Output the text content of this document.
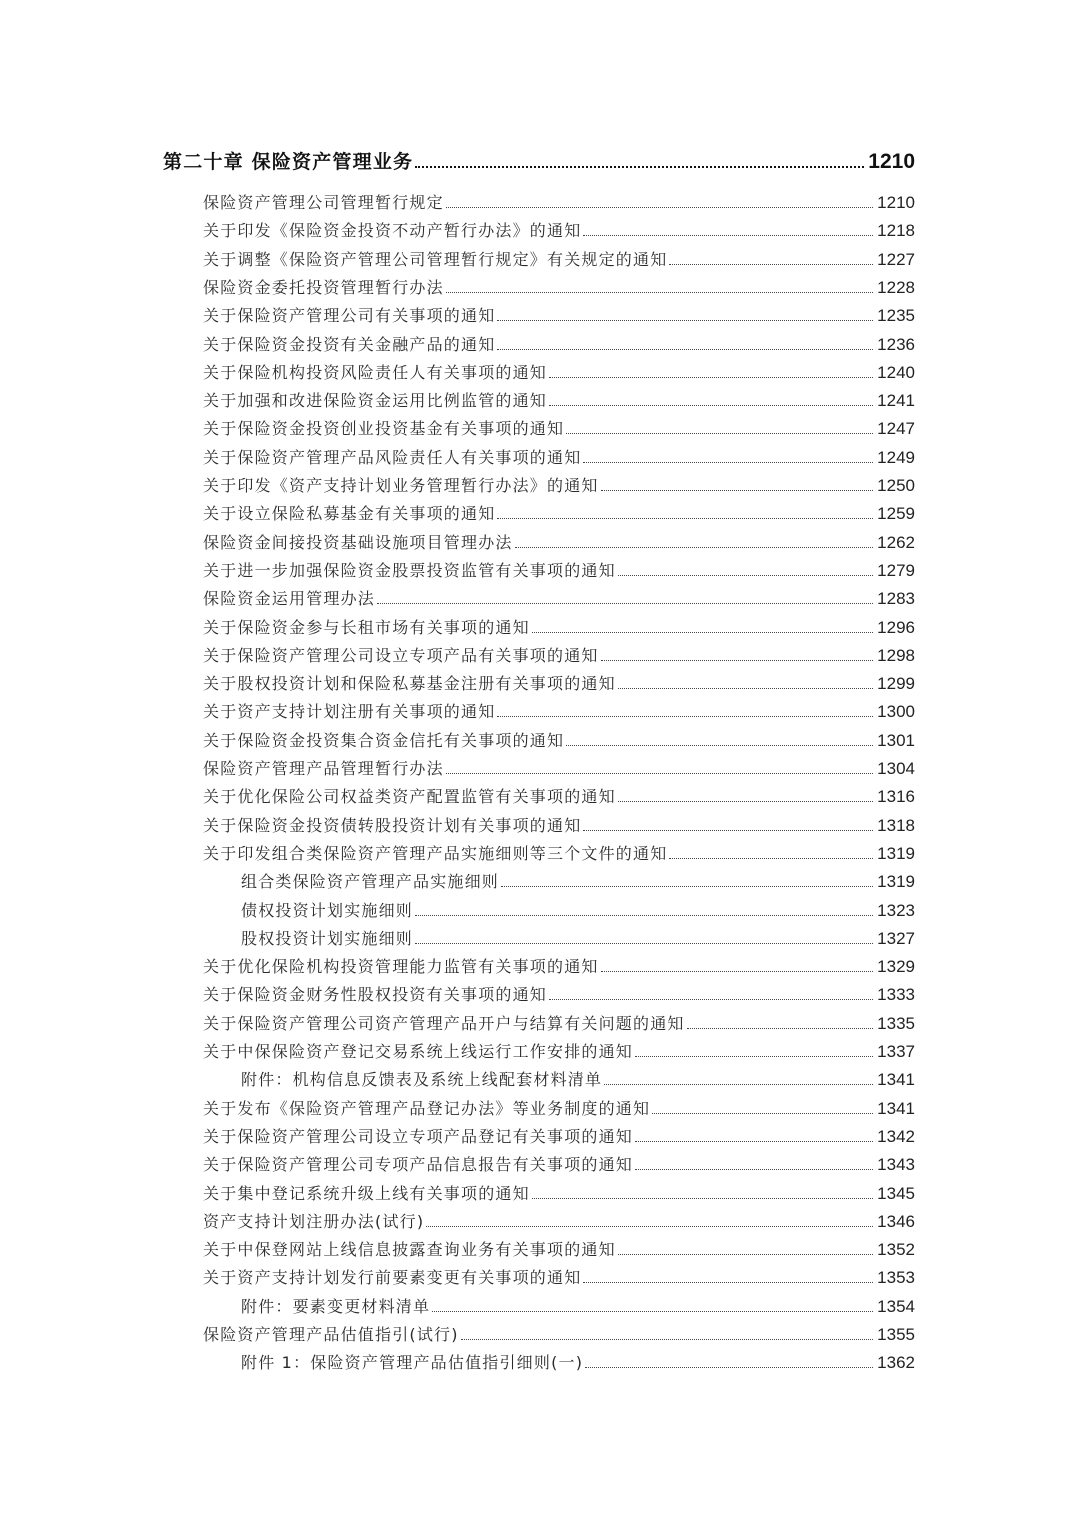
第二十章 保险资产管理业务	1210
保险资产管理公司管理暂行规定	1210
关于印发《保险资金投资不动产暂行办法》的通知	1218
关于调整《保险资产管理公司管理暂行规定》有关规定的通知	1227
保险资金委托投资管理暂行办法	1228
关于保险资产管理公司有关事项的通知	1235
关于保险资金投资有关金融产品的通知	1236
关于保险机构投资风险责任人有关事项的通知	1240
关于加强和改进保险资金运用比例监管的通知	1241
关于保险资金投资创业投资基金有关事项的通知	1247
关于保险资产管理产品风险责任人有关事项的通知	1249
关于印发《资产支持计划业务管理暂行办法》的通知	1250
关于设立保险私募基金有关事项的通知	1259
保险资金间接投资基础设施项目管理办法	1262
关于进一步加强保险资金股票投资监管有关事项的通知	1279
保险资金运用管理办法	1283
关于保险资金参与长租市场有关事项的通知	1296
关于保险资产管理公司设立专项产品有关事项的通知	1298
关于股权投资计划和保险私募基金注册有关事项的通知	1299
关于资产支持计划注册有关事项的通知	1300
关于保险资金投资集合资金信托有关事项的通知	1301
保险资产管理产品管理暂行办法	1304
关于优化保险公司权益类资产配置监管有关事项的通知	1316
关于保险资金投资债转股投资计划有关事项的通知	1318
关于印发组合类保险资产管理产品实施细则等三个文件的通知	1319
组合类保险资产管理产品实施细则	1319
债权投资计划实施细则	1323
股权投资计划实施细则	1327
关于优化保险机构投资管理能力监管有关事项的通知	1329
关于保险资金财务性股权投资有关事项的通知	1333
关于保险资产管理公司资产管理产品开户与结算有关问题的通知	1335
关于中保保险资产登记交易系统上线运行工作安排的通知	1337
附件：机构信息反馈表及系统上线配套材料清单	1341
关于发布《保险资产管理产品登记办法》等业务制度的通知	1341
关于保险资产管理公司设立专项产品登记有关事项的通知	1342
关于保险资产管理公司专项产品信息报告有关事项的通知	1343
关于集中登记系统升级上线有关事项的通知	1345
资产支持计划注册办法(试行)	1346
关于中保登网站上线信息披露查询业务有关事项的通知	1352
关于资产支持计划发行前要素变更有关事项的通知	1353
附件：要素变更材料清单	1354
保险资产管理产品估值指引(试行)	1355
附件 1：保险资产管理产品估值指引细则(一)	1362
